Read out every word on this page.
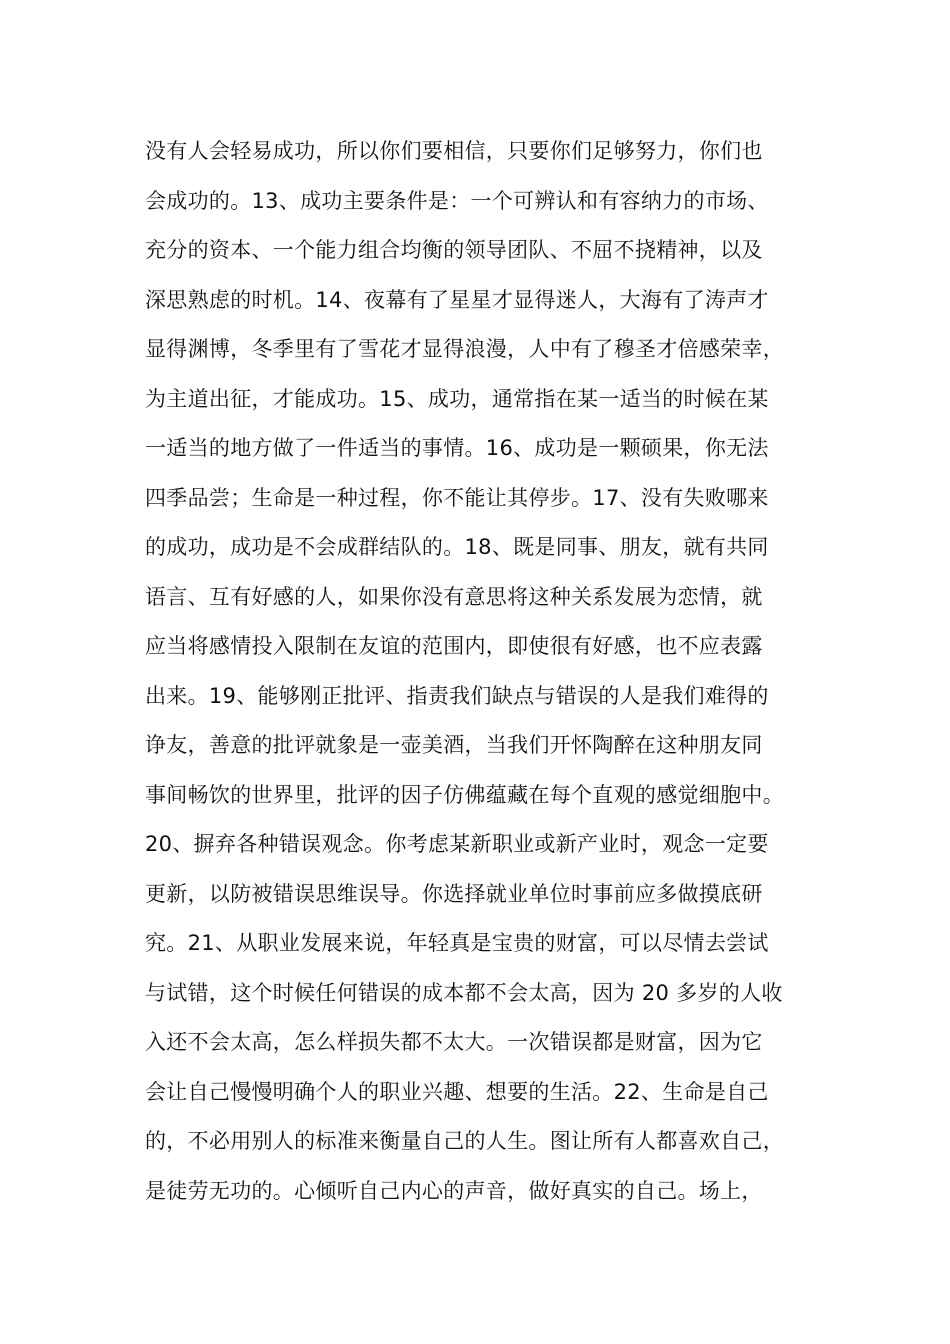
没有人会轻易成功，所以你们要相信，只要你们足够努力，你们也
会成功的。13、成功主要条件是：一个可辨认和有容纳力的市场、
充分的资本、一个能力组合均衡的领导团队、不屈不挠精神，以及
深思熟虑的时机。14、夜幕有了星星才显得迷人，大海有了涛声才
显得渊博，冬季里有了雪花才显得浪漫，人中有了穆圣才倍感荣幸，
为主道出征，才能成功。15、成功，通常指在某一适当的时候在某
一适当的地方做了一件适当的事情。16、成功是一颗硕果，你无法
四季品尝；生命是一种过程，你不能让其停步。17、没有失败哪来
的成功，成功是不会成群结队的。18、既是同事、朋友，就有共同
语言、互有好感的人，如果你没有意思将这种关系发展为恋情，就
应当将感情投入限制在友谊的范围内，即使很有好感，也不应表露
出来。19、能够刚正批评、指责我们缺点与错误的人是我们难得的
诤友，善意的批评就象是一壶美酒，当我们开怀陶醉在这种朋友同
事间畅饮的世界里，批评的因子仿佛蕴藏在每个直观的感觉细胞中。
20、摒弃各种错误观念。你考虑某新职业或新产业时，观念一定要
更新，以防被错误思维误导。你选择就业单位时事前应多做摸底研
究。21、从职业发展来说，年轻真是宝贵的财富，可以尽情去尝试
与试错，这个时候任何错误的成本都不会太高，因为 20 多岁的人收
入还不会太高，怎么样损失都不太大。一次错误都是财富，因为它
会让自己慢慢明确个人的职业兴趣、想要的生活。22、生命是自己
的，不必用别人的标准来衡量自己的人生。图让所有人都喜欢自己，
是徒劳无功的。心倾听自己内心的声音，做好真实的自己。场上，
